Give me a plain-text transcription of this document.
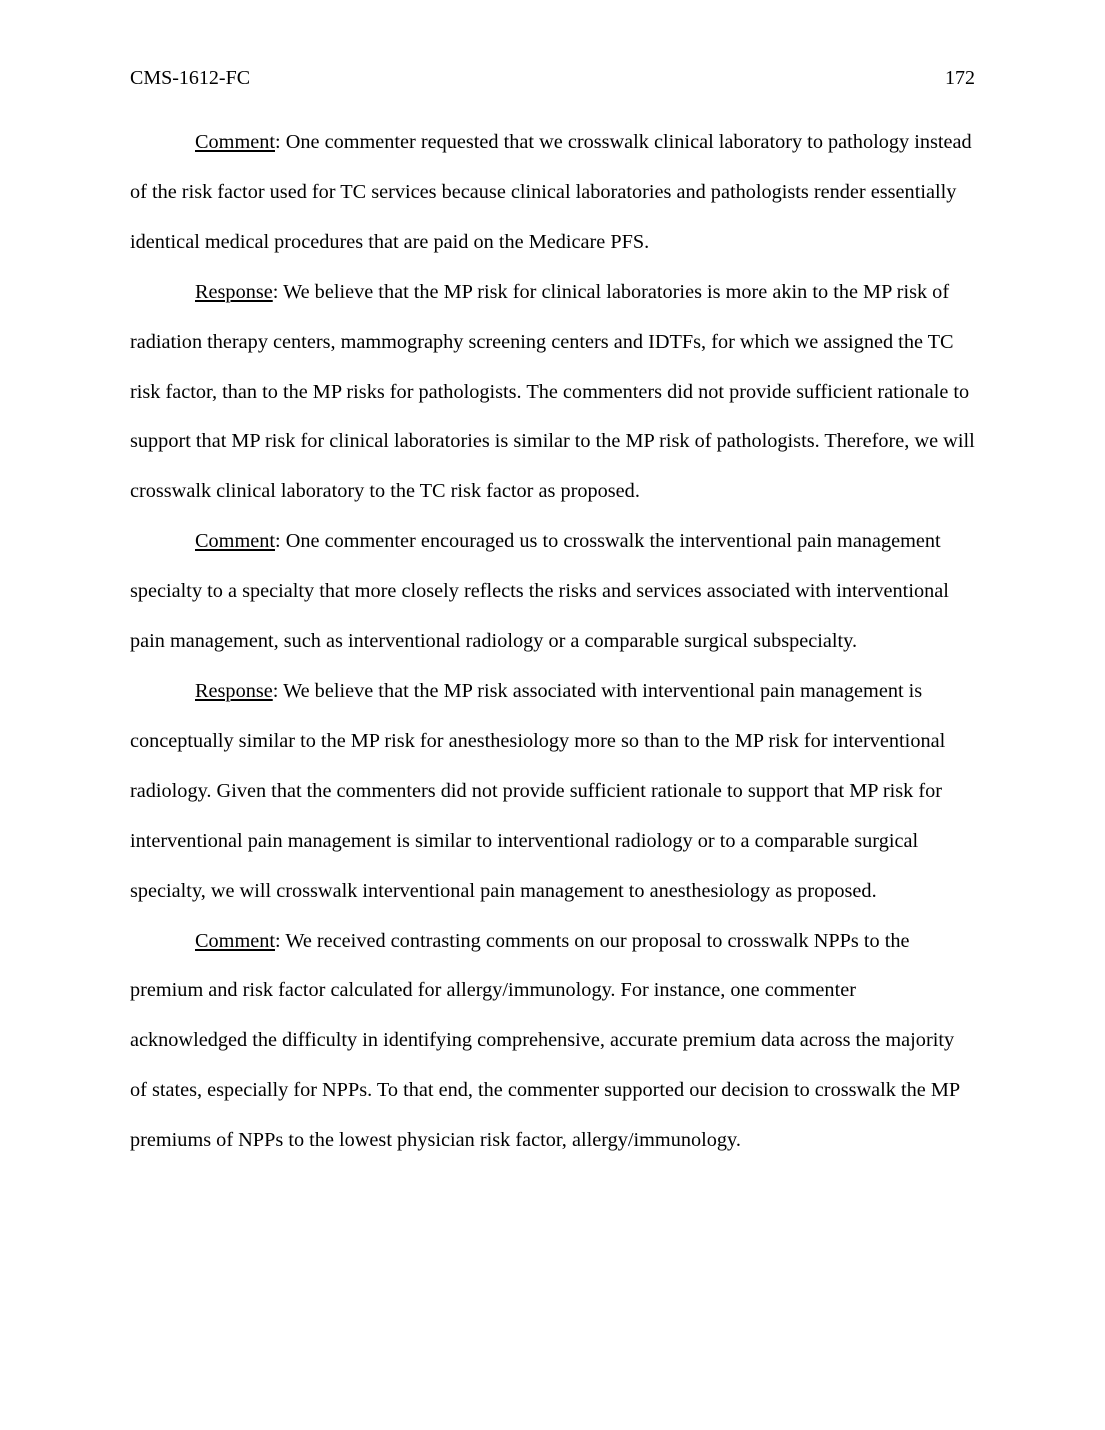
CMS-1612-FC	172

Comment: One commenter requested that we crosswalk clinical laboratory to pathology instead of the risk factor used for TC services because clinical laboratories and pathologists render essentially identical medical procedures that are paid on the Medicare PFS.

Response: We believe that the MP risk for clinical laboratories is more akin to the MP risk of radiation therapy centers, mammography screening centers and IDTFs, for which we assigned the TC risk factor, than to the MP risks for pathologists. The commenters did not provide sufficient rationale to support that MP risk for clinical laboratories is similar to the MP risk of pathologists. Therefore, we will crosswalk clinical laboratory to the TC risk factor as proposed.

Comment: One commenter encouraged us to crosswalk the interventional pain management specialty to a specialty that more closely reflects the risks and services associated with interventional pain management, such as interventional radiology or a comparable surgical subspecialty.

Response: We believe that the MP risk associated with interventional pain management is conceptually similar to the MP risk for anesthesiology more so than to the MP risk for interventional radiology. Given that the commenters did not provide sufficient rationale to support that MP risk for interventional pain management is similar to interventional radiology or to a comparable surgical specialty, we will crosswalk interventional pain management to anesthesiology as proposed.

Comment: We received contrasting comments on our proposal to crosswalk NPPs to the premium and risk factor calculated for allergy/immunology. For instance, one commenter acknowledged the difficulty in identifying comprehensive, accurate premium data across the majority of states, especially for NPPs. To that end, the commenter supported our decision to crosswalk the MP premiums of NPPs to the lowest physician risk factor, allergy/immunology.
